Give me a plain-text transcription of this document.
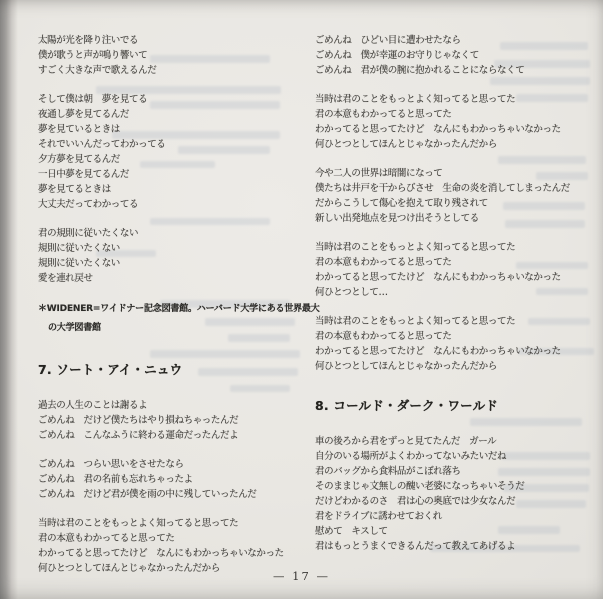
太陽が光を降り注いでる
僕が歌うと声が鳴り響いて
すごく大きな声で歌えるんだ
そして僕は朝　夢を見てる
夜通し夢を見てるんだ
夢を見ているときは
それでいいんだってわかってる
夕方夢を見てるんだ
一日中夢を見てるんだ
夢を見てるときは
大丈夫だってわかってる
君の規則に従いたくない
規則に従いたくない
規則に従いたくない
愛を連れ戻せ
＊WIDENER=ワイドナー記念図書館。ハーバード大学にある世界最大
の大学図書館
7. ソート・アイ・ニュウ
過去の人生のことは謝るよ
ごめんね　だけど僕たちはやり損ねちゃったんだ
ごめんね　こんなふうに終わる運命だったんだよ
ごめんね　つらい思いをさせたなら
ごめんね　君の名前も忘れちゃったよ
ごめんね　だけど君が僕を雨の中に残していったんだ
当時は君のことをもっとよく知ってると思ってた
君の本意もわかってると思ってた
わかってると思ってたけど　なんにもわかっちゃいなかった
何ひとつとしてほんとじゃなかったんだから
ごめんね　ひどい目に遭わせたなら
ごめんね　僕が幸運のお守りじゃなくて
ごめんね　君が僕の腕に抱かれることにならなくて
当時は君のことをもっとよく知ってると思ってた
君の本意もわかってると思ってた
わかってると思ってたけど　なんにもわかっちゃいなかった
何ひとつとしてほんとじゃなかったんだから
今や二人の世界は暗闇になって
僕たちは井戸を干からびさせ　生命の炎を消してしまったんだ
だからこうして傷心を抱えて取り残されて
新しい出発地点を見つけ出そうとしてる
当時は君のことをもっとよく知ってると思ってた
君の本意もわかってると思ってた
わかってると思ってたけど　なんにもわかっちゃいなかった
何ひとつとして…
当時は君のことをもっとよく知ってると思ってた
君の本意もわかってると思ってた
わかってると思ってたけど　なんにもわかっちゃいなかった
何ひとつとしてほんとじゃなかったんだから
8. コールド・ダーク・ワールド
車の後ろから君をずっと見てたんだ　ガール
自分のいる場所がよくわかってないみたいだね
君のバッグから食料品がこぼれ落ち
そのままじゃ文無しの醜い老婆になっちゃいそうだ
だけどわかるのさ　君は心の奥底では少女なんだ
君をドライブに誘わせておくれ
慰めて　キスして
君はもっとうまくできるんだって教えてあげるよ
— 17 —
